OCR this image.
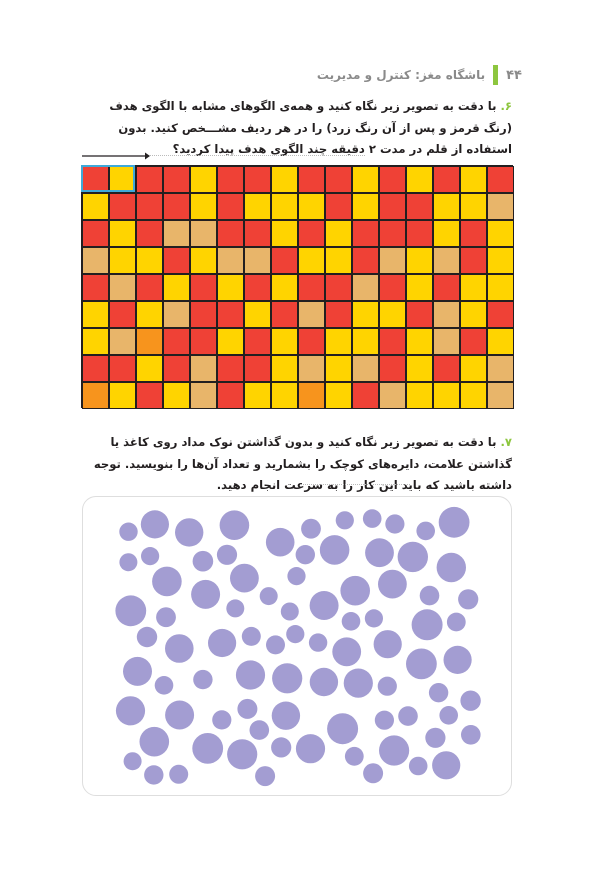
۴۴
باشگاه مغز: کنترل و مدیریت
۶. با دقت به تصویر زیر نگاه کنید و همه‌ی الگوهای مشابه با الگوی هدف (رنگ قرمز و پس از آن رنگ زرد) را در هر ردیف مشـــخص کنید. بدون استفاده از قلم در مدت ۲ دقیقه چند الگوی هدف پیدا کردید؟
۷. با دقت به تصویر زیر نگاه کنید و بدون گذاشتن نوک مداد روی کاغذ یا گذاشتن علامت، دایره‌های کوچک را بشمارید و تعداد آن‌ها را بنویسید. توجه داشته باشید که باید این کار را به سرعت انجام دهید.
